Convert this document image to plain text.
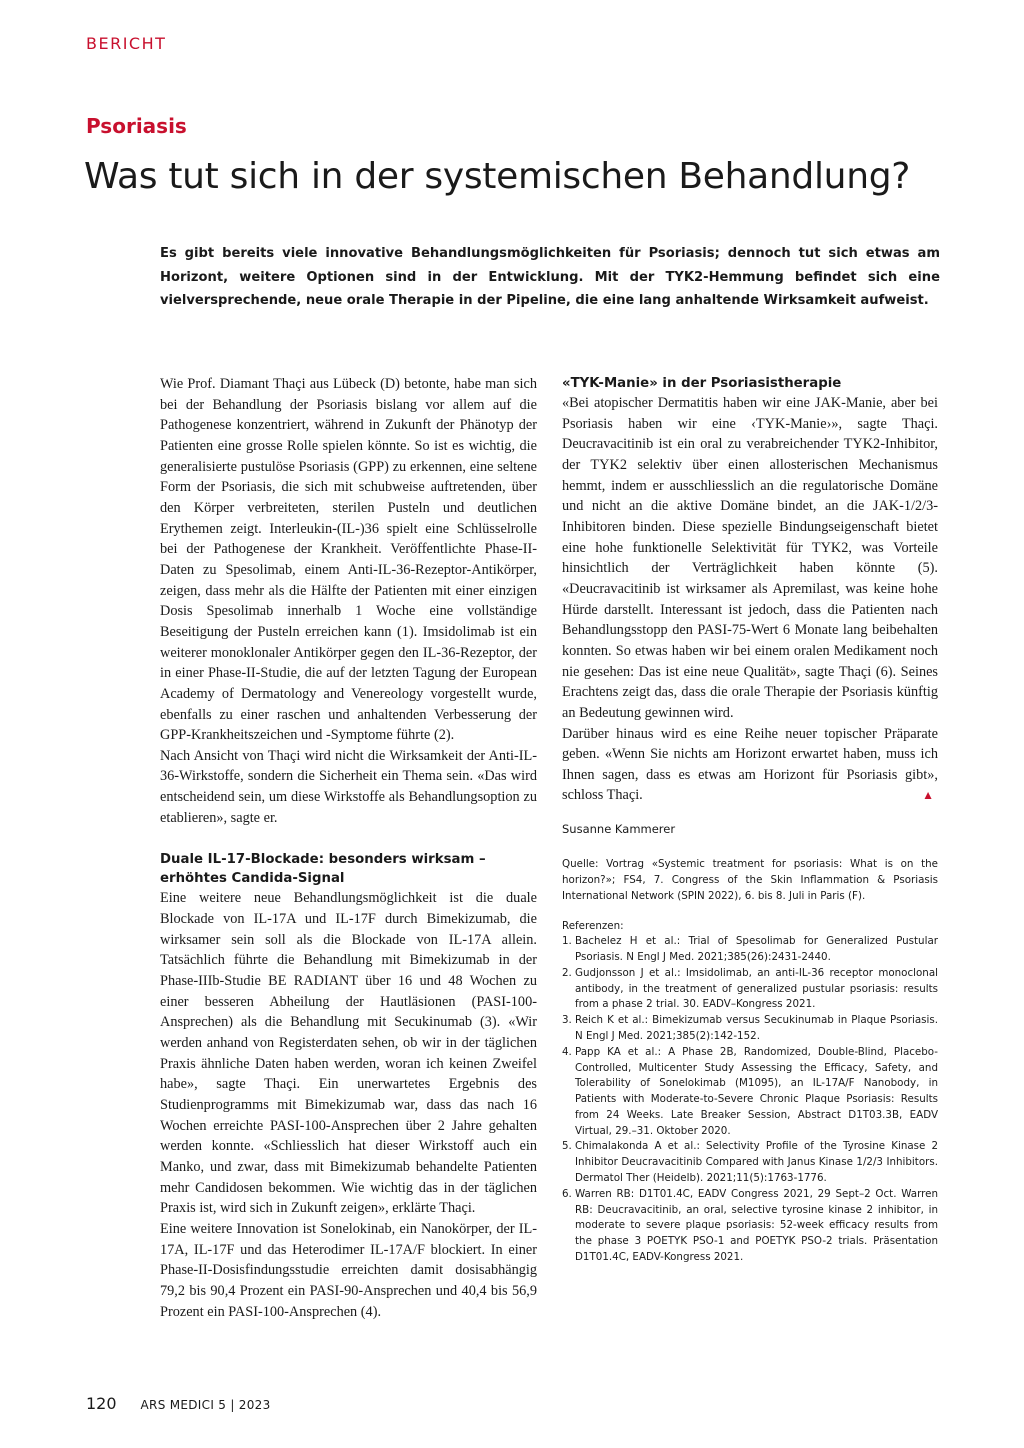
BERICHT
Psoriasis
Was tut sich in der systemischen Behandlung?

Es gibt bereits viele innovative Behandlungsmöglichkeiten für Psoriasis; dennoch tut sich etwas am Horizont, weitere Optionen sind in der Entwicklung. Mit der TYK2-Hemmung befindet sich eine vielversprechende, neue orale Therapie in der Pipeline, die eine lang anhaltende Wirksamkeit aufweist.

Wie Prof. Diamant Thaçi aus Lübeck (D) betonte, habe man sich bei der Behandlung der Psoriasis bislang vor allem auf die Pathogenese konzentriert, während in Zukunft der Phänotyp der Patienten eine grosse Rolle spielen könnte. So ist es wichtig, die generalisierte pustulöse Psoriasis (GPP) zu erkennen, eine seltene Form der Psoriasis, die sich mit schubweise auftretenden, über den Körper verbreiteten, sterilen Pusteln und deutlichen Erythemen zeigt. Interleukin-(IL-)36 spielt eine Schlüsselrolle bei der Pathogenese der Krankheit. Veröffentlichte Phase-II-Daten zu Spesolimab, einem Anti-IL-36-Rezeptor-Antikörper, zeigen, dass mehr als die Hälfte der Patienten mit einer einzigen Dosis Spesolimab innerhalb 1 Woche eine vollständige Beseitigung der Pusteln erreichen kann (1). Imsidolimab ist ein weiterer monoklonaler Antikörper gegen den IL-36-Rezeptor, der in einer Phase-II-Studie, die auf der letzten Tagung der European Academy of Dermatology and Venereology vorgestellt wurde, ebenfalls zu einer raschen und anhaltenden Verbesserung der GPP-Krankheitszeichen und -Symptome führte (2).

Nach Ansicht von Thaçi wird nicht die Wirksamkeit der Anti-IL-36-Wirkstoffe, sondern die Sicherheit ein Thema sein. «Das wird entscheidend sein, um diese Wirkstoffe als Behandlungsoption zu etablieren», sagte er.

Duale IL-17-Blockade: besonders wirksam – erhöhtes Candida-Signal

Eine weitere neue Behandlungsmöglichkeit ist die duale Blockade von IL-17A und IL-17F durch Bimekizumab, die wirksamer sein soll als die Blockade von IL-17A allein. Tatsächlich führte die Behandlung mit Bimekizumab in der Phase-IIIb-Studie BE RADIANT über 16 und 48 Wochen zu einer besseren Abheilung der Hautläsionen (PASI-100-Ansprechen) als die Behandlung mit Secukinumab (3). «Wir werden anhand von Registerdaten sehen, ob wir in der täglichen Praxis ähnliche Daten haben werden, woran ich keinen Zweifel habe», sagte Thaçi. Ein unerwartetes Ergebnis des Studienprogramms mit Bimekizumab war, dass das nach 16 Wochen erreichte PASI-100-Ansprechen über 2 Jahre gehalten werden konnte. «Schliesslich hat dieser Wirkstoff auch ein Manko, und zwar, dass mit Bimekizumab behandelte Patienten mehr Candidosen bekommen. Wie wichtig das in der täglichen Praxis ist, wird sich in Zukunft zeigen», erklärte Thaçi.

Eine weitere Innovation ist Sonelokinab, ein Nanokörper, der IL-17A, IL-17F und das Heterodimer IL-17A/F blockiert. In einer Phase-II-Dosisfindungsstudie erreichten damit dosisabhängig 79,2 bis 90,4 Prozent ein PASI-90-Ansprechen und 40,4 bis 56,9 Prozent ein PASI-100-Ansprechen (4).

«TYK-Manie» in der Psoriasistherapie

«Bei atopischer Dermatitis haben wir eine JAK-Manie, aber bei Psoriasis haben wir eine ‹TYK-Manie›», sagte Thaçi. Deucravacitinib ist ein oral zu verabreichender TYK2-Inhibitor, der TYK2 selektiv über einen allosterischen Mechanismus hemmt, indem er ausschliesslich an die regulatorische Domäne und nicht an die aktive Domäne bindet, an die JAK-1/2/3-Inhibitoren binden. Diese spezielle Bindungseigenschaft bietet eine hohe funktionelle Selektivität für TYK2, was Vorteile hinsichtlich der Verträglichkeit haben könnte (5). «Deucravacitinib ist wirksamer als Apremilast, was keine hohe Hürde darstellt. Interessant ist jedoch, dass die Patienten nach Behandlungsstopp den PASI-75-Wert 6 Monate lang beibehalten konnten. So etwas haben wir bei einem oralen Medikament noch nie gesehen: Das ist eine neue Qualität», sagte Thaçi (6). Seines Erachtens zeigt das, dass die orale Therapie der Psoriasis künftig an Bedeutung gewinnen wird.

Darüber hinaus wird es eine Reihe neuer topischer Präparate geben. «Wenn Sie nichts am Horizont erwartet haben, muss ich Ihnen sagen, dass es etwas am Horizont für Psoriasis gibt», schloss Thaçi.	▲

Susanne Kammerer
Quelle: Vortrag «Systemic treatment for psoriasis: What is on the horizon?»; FS4, 7. Congress of the Skin Inflammation & Psoriasis International Network (SPIN 2022), 6. bis 8. Juli in Paris (F).
Referenzen:
1. Bachelez H et al.: Trial of Spesolimab for Generalized Pustular Psoriasis. N Engl J Med. 2021;385(26):2431-2440.
2. Gudjonsson J et al.: Imsidolimab, an anti-IL-36 receptor monoclonal antibody, in the treatment of generalized pustular psoriasis: results from a phase 2 trial. 30. EADV–Kongress 2021.
3. Reich K et al.: Bimekizumab versus Secukinumab in Plaque Psoriasis. N Engl J Med. 2021;385(2):142-152.
4. Papp KA et al.: A Phase 2B, Randomized, Double-Blind, Placebo-Controlled, Multicenter Study Assessing the Efficacy, Safety, and Tolerability of Sonelokimab (M1095), an IL-17A/F Nanobody, in Patients with Moderate-to-Severe Chronic Plaque Psoriasis: Results from 24 Weeks. Late Breaker Session, Abstract D1T03.3B, EADV Virtual, 29.–31. Oktober 2020.
5. Chimalakonda A et al.: Selectivity Profile of the Tyrosine Kinase 2 Inhibitor Deucravacitinib Compared with Janus Kinase 1/2/3 Inhibitors. Dermatol Ther (Heidelb). 2021;11(5):1763-1776.
6. Warren RB: D1T01.4C, EADV Congress 2021, 29 Sept–2 Oct. Warren RB: Deucravacitinib, an oral, selective tyrosine kinase 2 inhibitor, in moderate to severe plaque psoriasis: 52-week efficacy results from the phase 3 POETYK PSO-1 and POETYK PSO-2 trials. Präsentation D1T01.4C, EADV-Kongress 2021.
120 ARS MEDICI 5 | 2023
